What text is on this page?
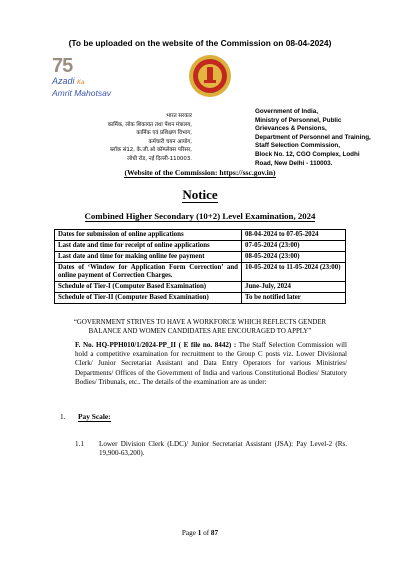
(To be uploaded on the website of the Commission on 08-04-2024)
75
Azadi Ka
Amrit Mahotsav
भारत सरकार
कार्मिक, लोक शिकायत तथा पेंशन मंत्रालय,
कार्मिक एवं प्रशिक्षण विभाग,
कर्मचारी चयन आयोग,
ब्लॉक सं12, के.जी.ओ कॉम्प्लेक्स परिसर,
लोधी रोड, नई दिल्ली-110003.
Government of India,
Ministry of Personnel, Public
Grievances & Pensions,
Department of Personnel and Training,
Staff Selection Commission,
Block No. 12, CGO Complex, Lodhi
Road, New Delhi - 110003.
(Website of the Commission: https://ssc.gov.in)
Notice
Combined Higher Secondary (10+2) Level Examination, 2024
Dates for submission of online applications	08-04-2024 to 07-05-2024
Last date and time for receipt of online applications	07-05-2024 (23:00)
Last date and time for making online fee payment	08-05-2024 (23:00)
Dates of ‘Window for Application Form Correction’ and online payment of Correction Charges.	10-05-2024 to 11-05-2024 (23:00)
Schedule of Tier-I (Computer Based Examination)	June-July, 2024
Schedule of Tier-II (Computer Based Examination)	To be notified later
“GOVERNMENT STRIVES TO HAVE A WORKFORCE WHICH REFLECTS GENDER BALANCE AND WOMEN CANDIDATES ARE ENCOURAGED TO APPLY”
F. No. HQ-PPH010/1/2024-PP_II ( E file no. 8442) : The Staff Selection Commission will hold a competitive examination for recruitment to the Group C posts viz. Lower Divisional Clerk/ Junior Secretariat Assistant and Data Entry Operators for various Ministries/ Departments/ Offices of the Government of India and various Constitutional Bodies/ Statutory Bodies/ Tribunals, etc.. The details of the examination are as under:
1. Pay Scale:
1.1 Lower Division Clerk (LDC)/ Junior Secretariat Assistant (JSA): Pay Level-2 (Rs. 19,900-63,200).
Page 1 of 87
